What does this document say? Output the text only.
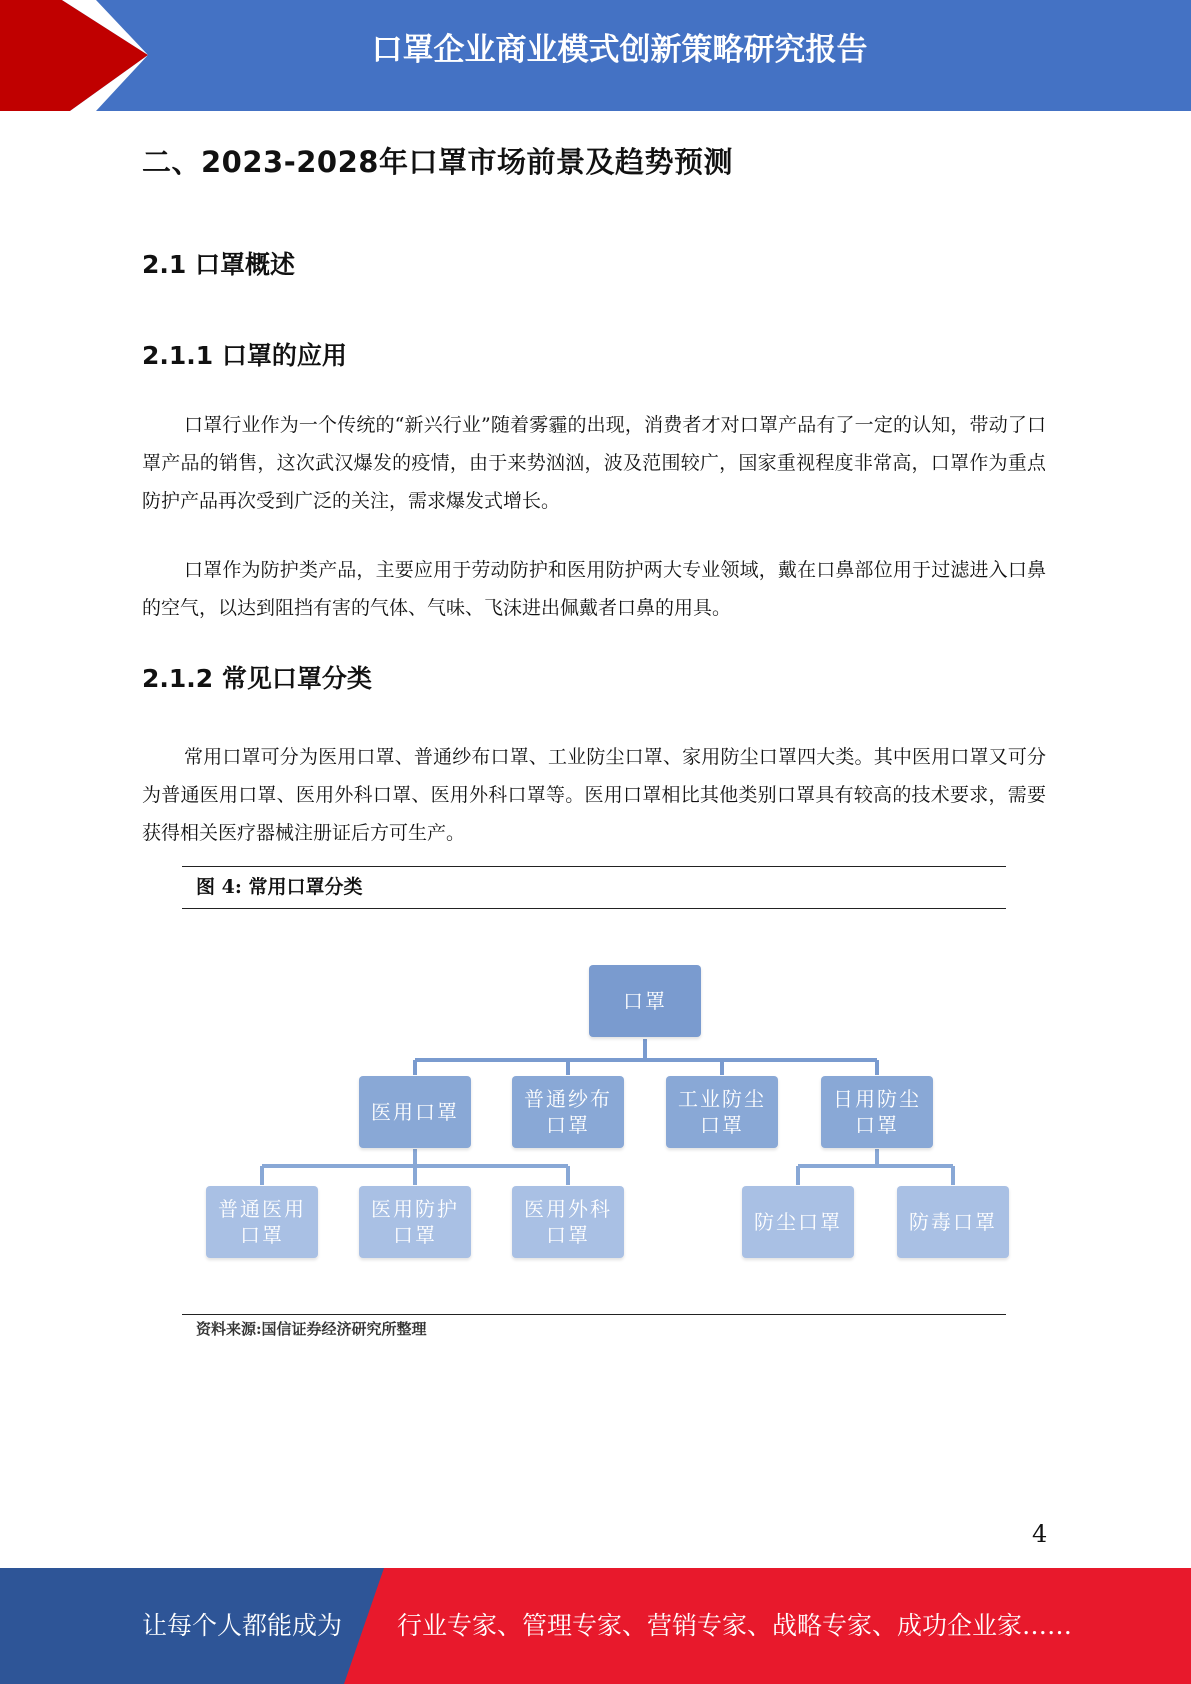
口罩企业商业模式创新策略研究报告
二、2023-2028年口罩市场前景及趋势预测
2.1 口罩概述
2.1.1 口罩的应用
口罩行业作为一个传统的“新兴行业”随着雾霾的出现，消费者才对口罩产品有了一定的认知，带动了口罩产品的销售，这次武汉爆发的疫情，由于来势汹汹，波及范围较广，国家重视程度非常高，口罩作为重点防护产品再次受到广泛的关注，需求爆发式增长。
口罩作为防护类产品，主要应用于劳动防护和医用防护两大专业领域，戴在口鼻部位用于过滤进入口鼻的空气，以达到阻挡有害的气体、气味、飞沫进出佩戴者口鼻的用具。
2.1.2 常见口罩分类
常用口罩可分为医用口罩、普通纱布口罩、工业防尘口罩、家用防尘口罩四大类。其中医用口罩又可分为普通医用口罩、医用外科口罩、医用外科口罩等。医用口罩相比其他类别口罩具有较高的技术要求，需要获得相关医疗器械注册证后方可生产。
图 4: 常用口罩分类
口罩
医用口罩
普通纱布
口罩
工业防尘
口罩
日用防尘
口罩
普通医用
口罩
医用防护
口罩
医用外科
口罩
防尘口罩	防毒口罩
资料来源:国信证券经济研究所整理
4
让每个人都能成为 行业专家、管理专家、营销专家、战略专家、成功企业家……
